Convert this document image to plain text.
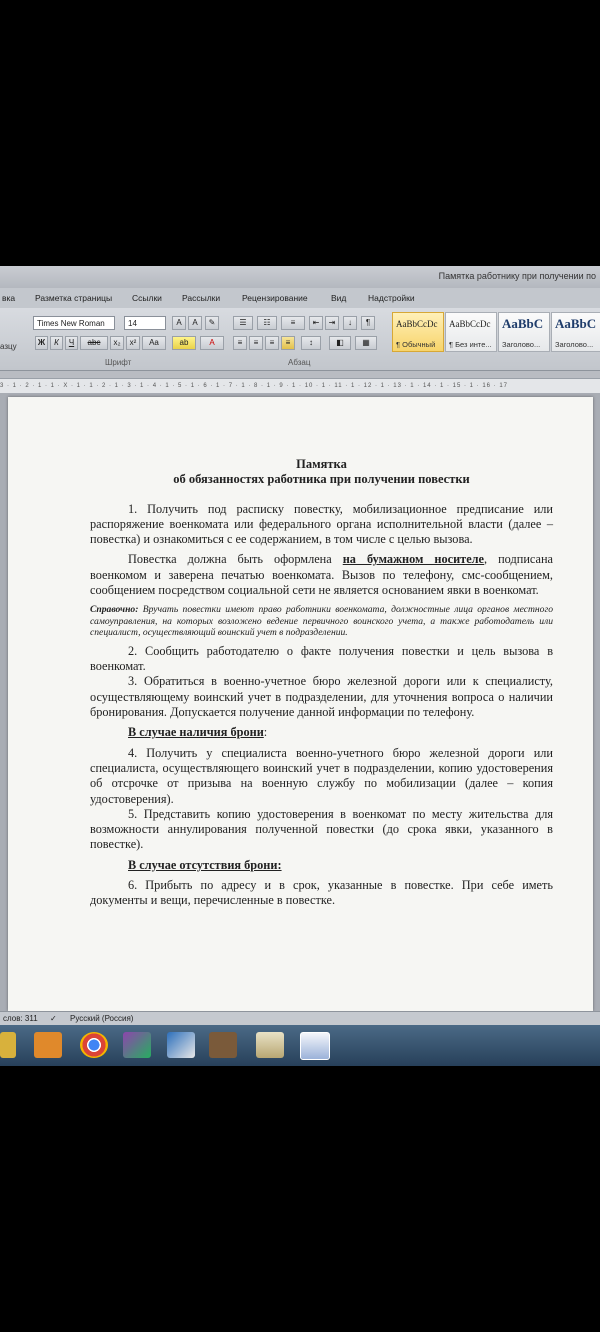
Памятка работнику при получении по
вка Разметка страницы Ссылки Рассылки	Рецензирование	Вид	Надстройки
азцу
Times New Roman	14	A	A	✎
Ж	К	Ч	abc	x₂	x²	Aa	ab	A
Шрифт
☰	☷	≡	⇤	⇥	↓	¶
≡	≡	≡	≡	↕	◧	▦
Абзац
AaBbCcDc
¶ Обычный
AaBbCcDc
¶ Без инте...
AaBbC
Заголово...
AaBbC
Заголово...
3 · 1 · 2 · 1 · 1 · X · 1 · 1 · 2 · 1 · 3 · 1 · 4 · 1 · 5 · 1 · 6 · 1 · 7 · 1 · 8 · 1 · 9 · 1 · 10 · 1 · 11 · 1 · 12 · 1 · 13 · 1 · 14 · 1 · 15 · 1 · 16 · 17

Памятка

об обязанностях работника при получении повестки

1. Получить под расписку повестку, мобилизационное предписание или распоряжение военкомата или федерального органа исполнительной власти (далее – повестка) и ознакомиться с ее содержанием, в том числе с целью вызова.

Повестка должна быть оформлена на бумажном носителе, подписана военкомом и заверена печатью военкомата. Вызов по телефону, смс-сообщением, сообщением посредством социальной сети не является основанием явки в военкомат.

Справочно: Вручать повестки имеют право работники военкомата, должностные лица органов местного самоуправления, на которых возложено ведение первичного воинского учета, а также работодатель или специалист, осуществляющий воинский учет в подразделении.

2. Сообщить работодателю о факте получения повестки и цель вызова в военкомат.

3. Обратиться в военно-учетное бюро железной дороги или к специалисту, осуществляющему воинский учет в подразделении, для уточнения вопроса о наличии бронирования. Допускается получение данной информации по телефону.

В случае наличия брони:

4. Получить у специалиста военно-учетного бюро железной дороги или специалиста, осуществляющего воинский учет в подразделении, копию удостоверения об отсрочке от призыва на военную службу по мобилизации (далее – копия удостоверения).

5. Представить копию удостоверения в военкомат по месту жительства для возможности аннулирования полученной повестки (до срока явки, указанного в повестке).

В случае отсутствия брони:

6. Прибыть по адресу и в срок, указанные в повестке. При себе иметь документы и вещи, перечисленные в повестке.

слов: 311 ✓ Русский (Россия)
